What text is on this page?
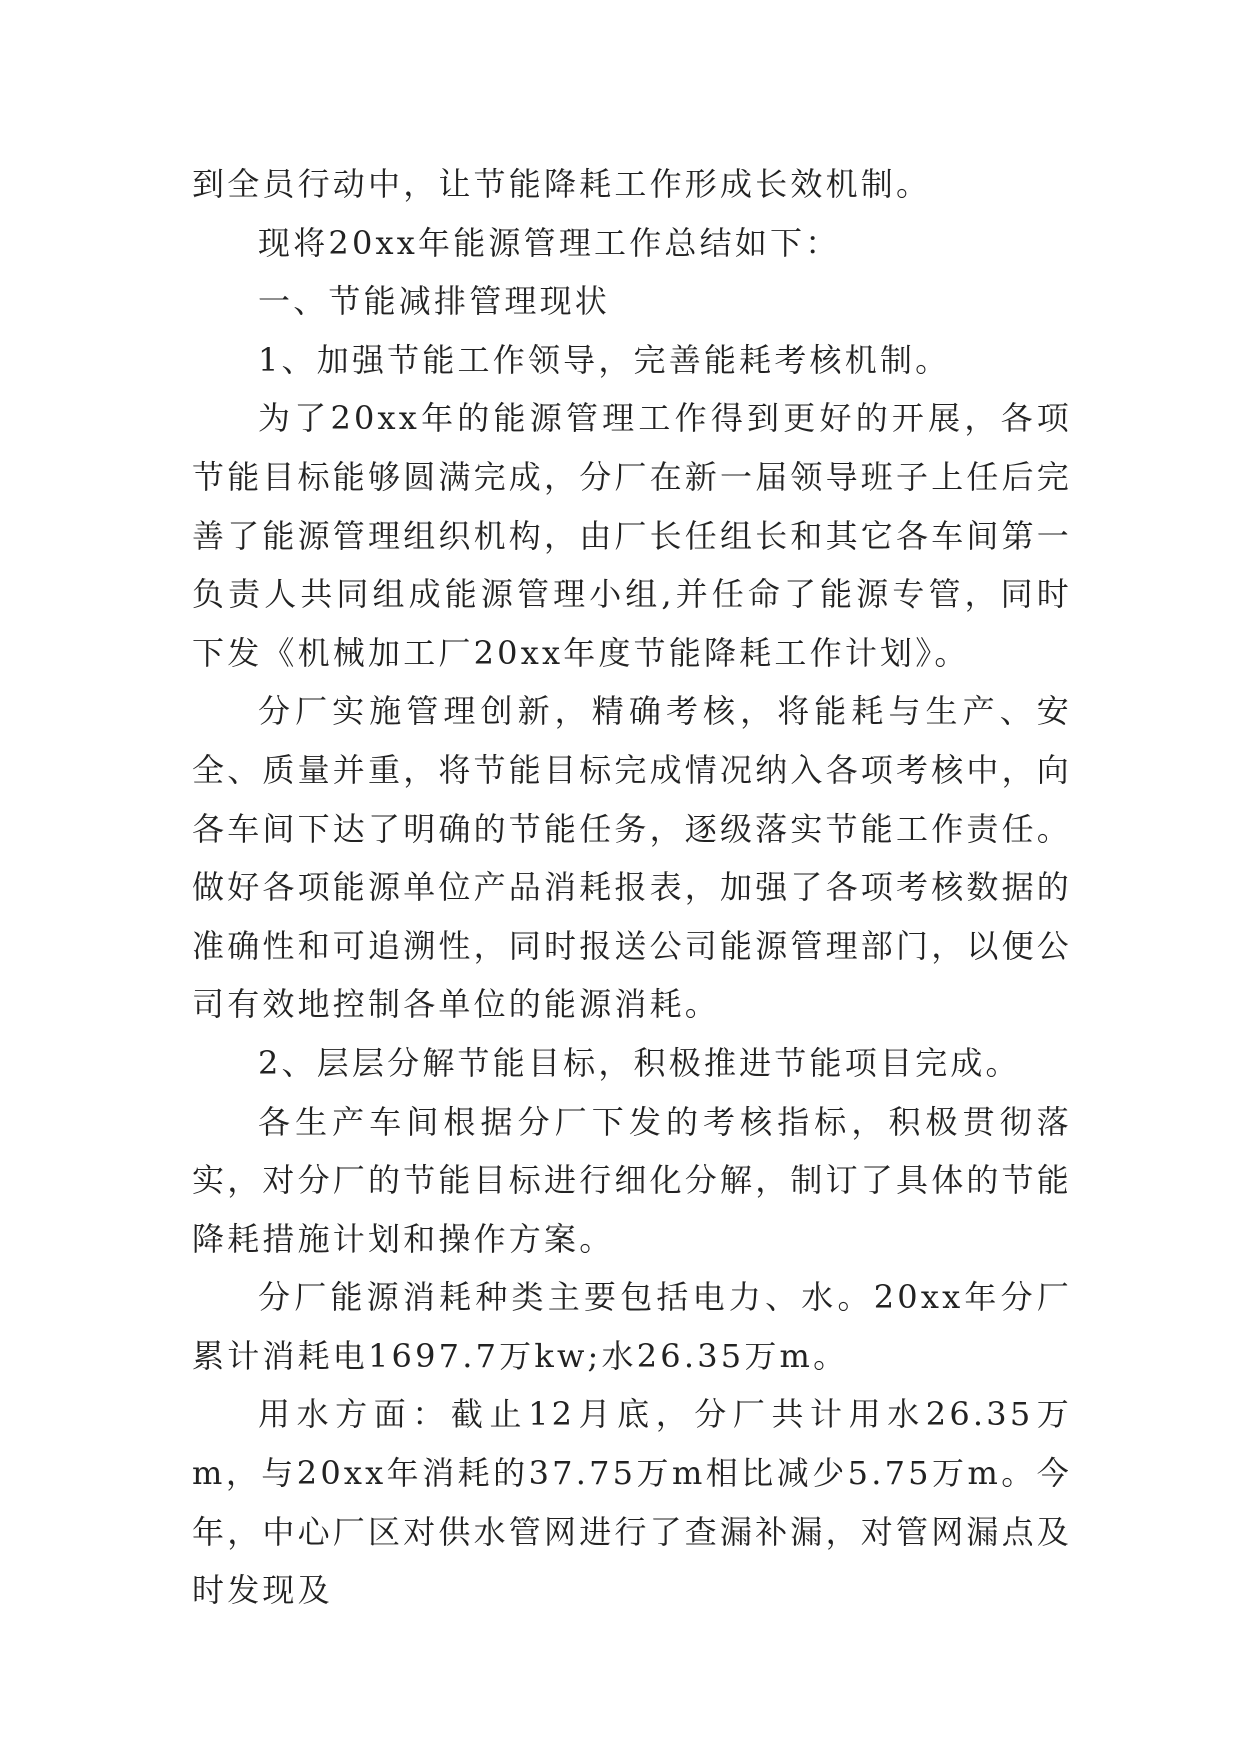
到全员行动中，让节能降耗工作形成长效机制。

现将20xx年能源管理工作总结如下：

一、节能减排管理现状

1、加强节能工作领导，完善能耗考核机制。

为了20xx年的能源管理工作得到更好的开展，各项节能目标能够圆满完成，分厂在新一届领导班子上任后完善了能源管理组织机构，由厂长任组长和其它各车间第一负责人共同组成能源管理小组,并任命了能源专管，同时下发《机械加工厂20xx年度节能降耗工作计划》。

分厂实施管理创新，精确考核，将能耗与生产、安全、质量并重，将节能目标完成情况纳入各项考核中，向各车间下达了明确的节能任务，逐级落实节能工作责任。做好各项能源单位产品消耗报表，加强了各项考核数据的准确性和可追溯性，同时报送公司能源管理部门，以便公司有效地控制各单位的能源消耗。

2、层层分解节能目标，积极推进节能项目完成。

各生产车间根据分厂下发的考核指标，积极贯彻落实，对分厂的节能目标进行细化分解，制订了具体的节能降耗措施计划和操作方案。

分厂能源消耗种类主要包括电力、水。20xx年分厂累计消耗电1697.7万kw;水26.35万m。

用水方面：截止12月底，分厂共计用水26.35万m，与20xx年消耗的37.75万m相比减少5.75万m。今年，中心厂区对供水管网进行了查漏补漏，对管网漏点及时发现及
